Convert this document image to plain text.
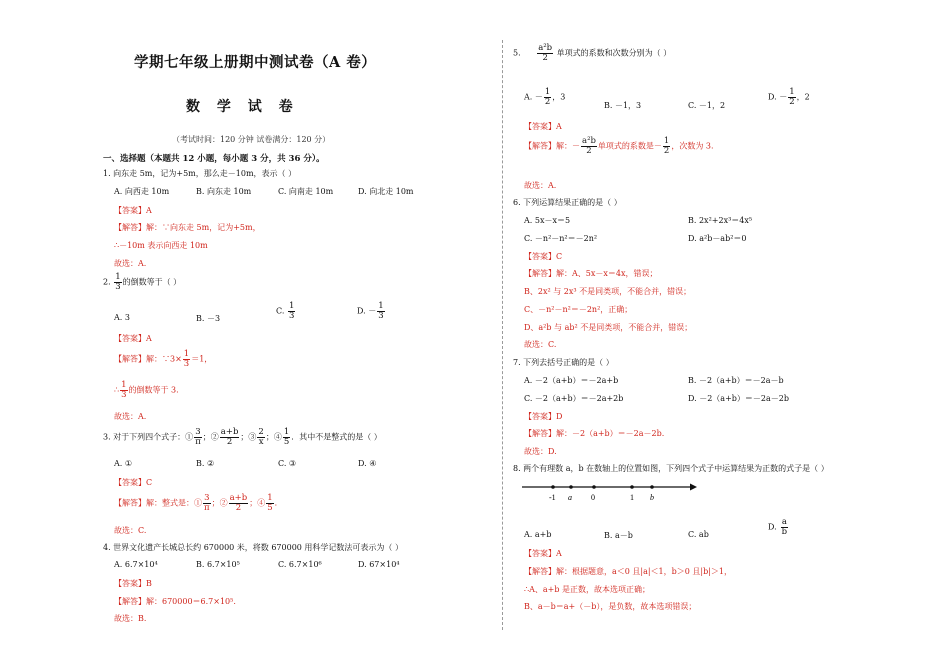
学期七年级上册期中测试卷（A 卷）
数 学 试 卷
（考试时间：120 分钟 试卷满分：120 分）
一、选择题（本题共 12 小题，每小题 3 分，共 36 分）。
1. 向东走 5m，记为+5m，那么走－10m，表示（ ）
A. 向西走 10m	B. 向东走 10m	C. 向南走 10m	D. 向北走 10m
【答案】A
【解答】解：∵向东走 5m，记为+5m，
∴－10m 表示向西走 10m
故选：A.
2. $\frac{1}{3}$ 的倒数等于（ ）
A. 3	B. －3
C. $\frac{1}{3}$	D. － $\frac{1}{3}$
【答案】A
【解答】解：∵3× $\frac{1}{3} =1$，
∴ $\frac{1}{3}$ 的倒数等于 3.
故选：A.
3. 对于下列四个式子：① $\frac{3}{\pi}$ ；② $\frac{a+b}{2}$ ；③ $\frac{2}{x}$ ；④ $\frac{1}{5}$ ．其中不是整式的是（ ）
A. ①	B. ②	C. ③	D. ④
【答案】C
【解答】解：整式是：① $\frac{3}{\pi}$ ；② $\frac{a+b}{2}$ ；④ $\frac{1}{5}$ ．
故选：C.
4. 世界文化遗产长城总长约 670000 米，将数 670000 用科学记数法可表示为（ ）
A. 6.7×10⁴	B. 6.7×10⁵	C. 6.7×10⁶	D. 67×10⁴
【答案】B
【解答】解：670000＝6.7×10⁵.
故选：B.
5. $\frac{\text{a²b}}{2}$ 单项式的系数和次数分别为（ ）
A. － $\frac{1}{2}$ ，3
B. －1，3	C. －1，2
D. － $\frac{1}{2}$ ，2
【答案】A
【解答】解：－ $\frac{\text{a²b}}{2}$ 单项式的系数是－ $\frac{1}{2}$ ，次数为 3.
故选：A.
6. 下列运算结果正确的是（ ）
A. 5x－x＝5	B. 2x²+2x³＝4x⁵
C. －n²－n²＝－2n²	D. a²b－ab²＝0
【答案】C
【解答】解：A、5x－x＝4x，错误；
B、2x² 与 2x³ 不是同类项，不能合并，错误；
C、－n²－n²＝－2n²，正确；
D、a²b 与 ab² 不是同类项，不能合并，错误；
故选：C.
7. 下列去括号正确的是（ ）
A. －2（a+b）＝－2a+b	B. －2（a+b）＝－2a－b
C. －2（a+b）＝－2a+2b	D. －2（a+b）＝－2a－2b
【答案】D
【解答】解：－2（a+b）＝－2a－2b.
故选：D.
8. 两个有理数 a，b 在数轴上的位置如图，下列四个式子中运算结果为正数的式子是（ ）
-1 a 0	1 b
A. a+b	B. a－b	C. ab
D. $\frac{a}{b}$
【答案】A
【解答】解：根据题意，a＜0 且|a|＜1，b＞0 且|b|＞1，
∴A、a+b 是正数，故本选项正确；
B、a－b＝a+（－b），是负数，故本选项错误；
